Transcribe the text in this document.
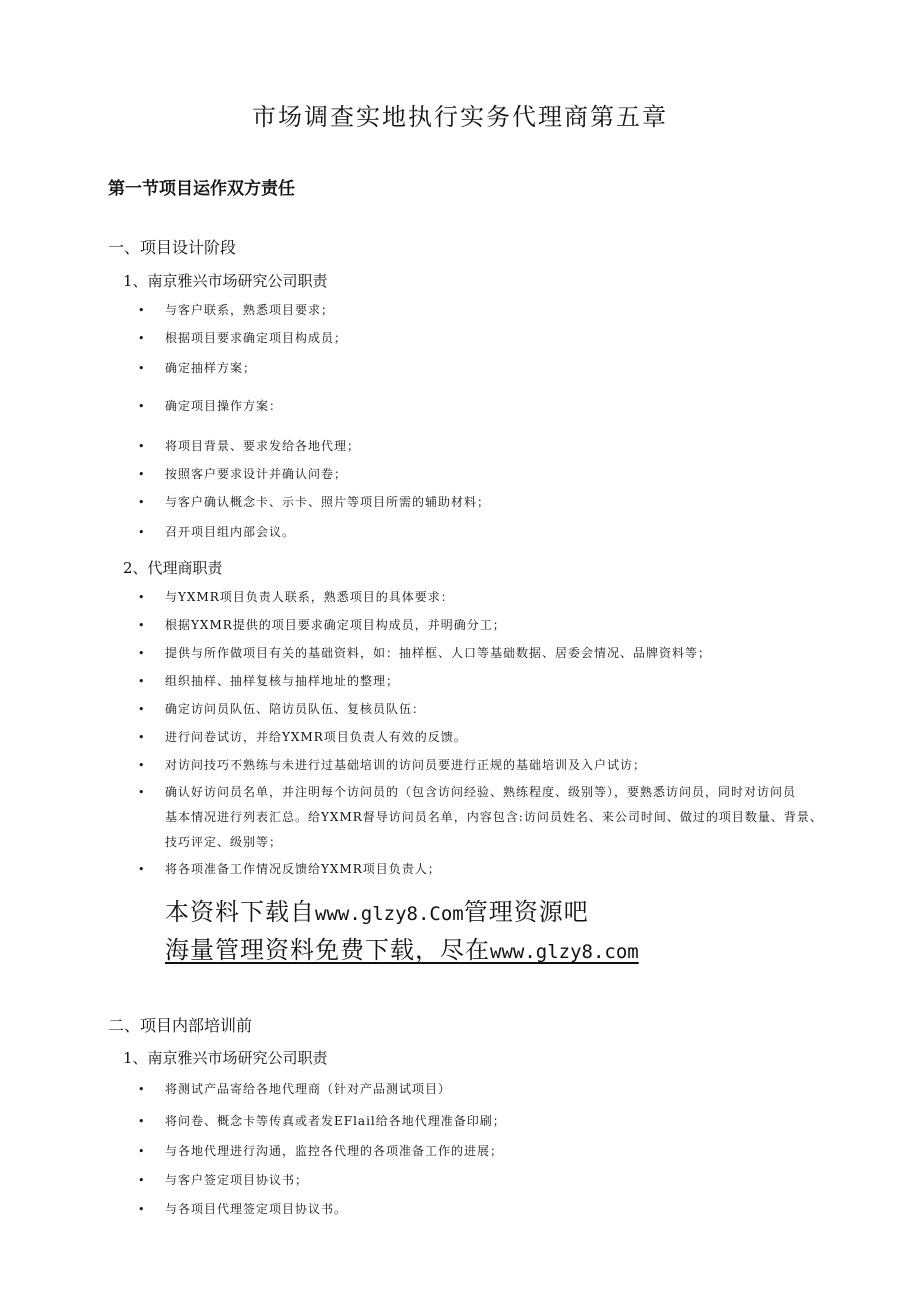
市场调查实地执行实务代理商第五章
第一节项目运作双方责任
一、项目设计阶段
1、南京雅兴市场研究公司职责
• 与客户联系，熟悉项目要求；
• 根据项目要求确定项目构成员；
• 确定抽样方案；
• 确定项目操作方案：
• 将项目背景、要求发给各地代理；
• 按照客户要求设计并确认问卷；
• 与客户确认概念卡、示卡、照片等项目所需的辅助材料；
• 召开项目组内部会议。
2、代理商职责
• 与YXMR项目负责人联系，熟悉项目的具体要求：
• 根据YXMR提供的项目要求确定项目构成员，并明确分工；
• 提供与所作做项目有关的基础资料，如：抽样框、人口等基础数据、居委会情况、品牌资料等；
• 组织抽样、抽样复核与抽样地址的整理；
• 确定访问员队伍、陪访员队伍、复核员队伍：
• 进行问卷试访，并给YXMR项目负责人有效的反馈。
• 对访问技巧不熟练与未进行过基础培训的访问员要进行正规的基础培训及入户试访；
• 确认好访问员名单，并注明每个访问员的（包含访问经验、熟练程度、级别等），要熟悉访问员，同时对访问员
基本情况进行列表汇总。给YXMR督导访问员名单，内容包含:访问员姓名、来公司时间、做过的项目数量、背景、
技巧评定、级别等；
• 将各项准备工作情况反馈给YXMR项目负责人；
本资料下载自www.glzy8.Com管理资源吧
海量管理资料免费下载，尽在www.glzy8.com
二、项目内部培训前
1、南京雅兴市场研究公司职责
• 将测试产品寄给各地代理商（针对产品测试项目）
• 将问卷、概念卡等传真或者发EFlail给各地代理准备印刷；
• 与各地代理进行沟通，监控各代理的各项准备工作的进展；
• 与客户签定项目协议书；
• 与各项目代理签定项目协议书。
